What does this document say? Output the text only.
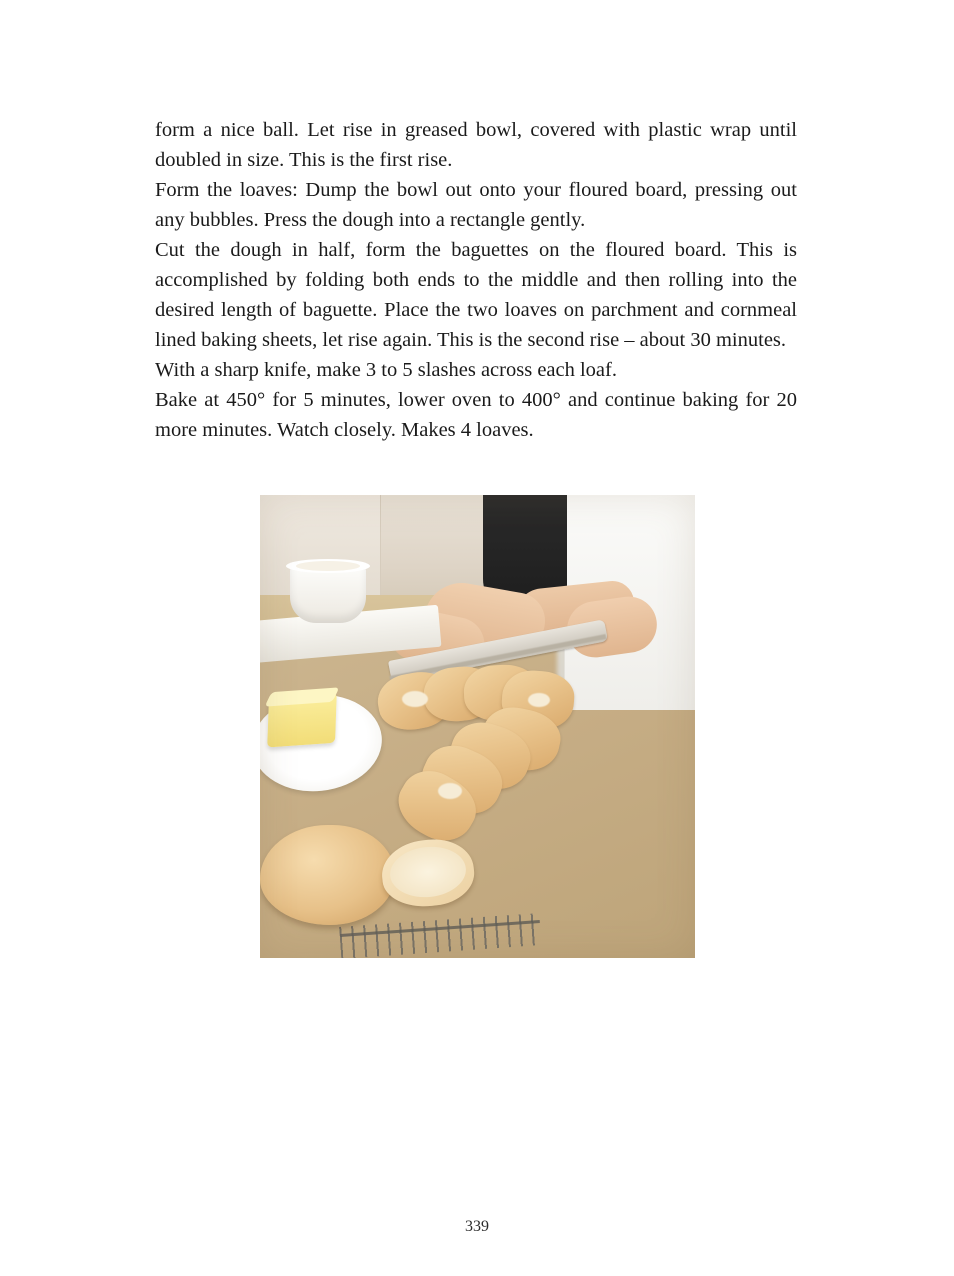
form a nice ball. Let rise in greased bowl, covered with plastic wrap until doubled in size. This is the first rise.

Form the loaves: Dump the bowl out onto your floured board, pressing out any bubbles. Press the dough into a rectangle gently.

Cut the dough in half, form the baguettes on the floured board. This is accomplished by folding both ends to the middle and then rolling into the desired length of baguette. Place the two loaves on parchment and cornmeal lined baking sheets, let rise again. This is the second rise – about 30 minutes.

With a sharp knife, make 3 to 5 slashes across each loaf.

Bake at 450° for 5 minutes, lower oven to 400° and continue baking for 20 more minutes. Watch closely. Makes 4 loaves.

339
